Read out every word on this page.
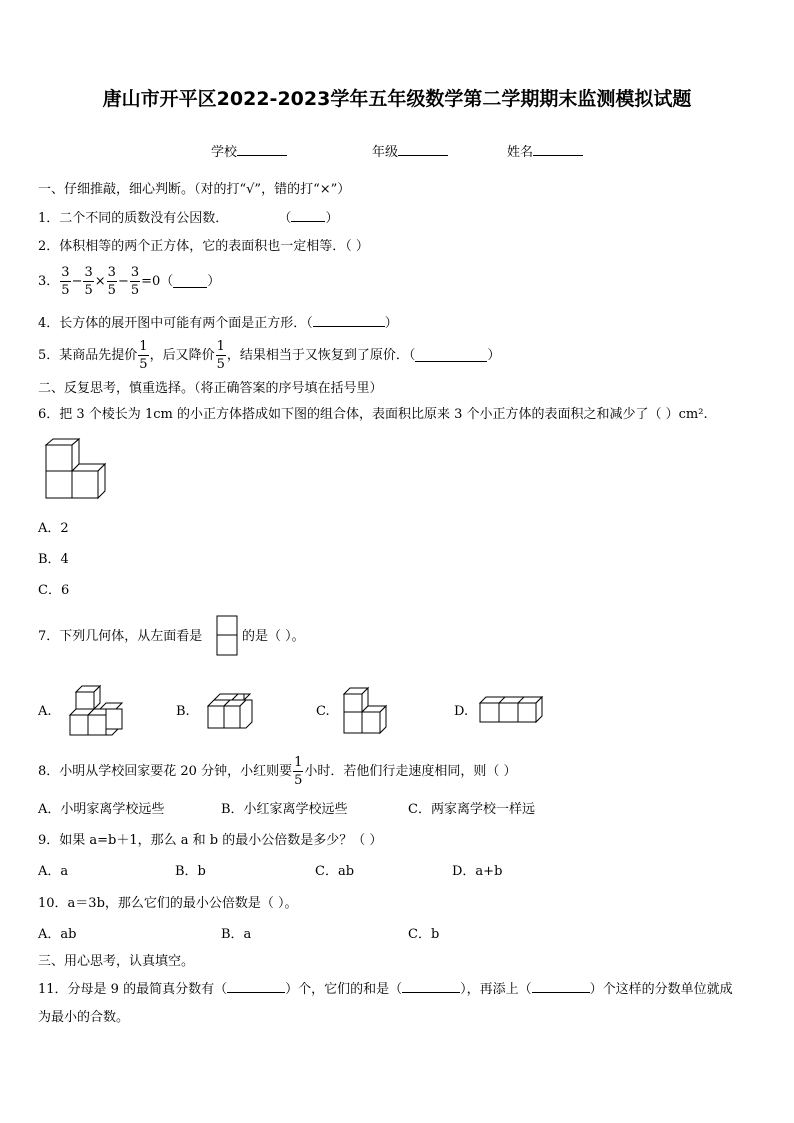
唐山市开平区2022-2023学年五年级数学第二学期期末监测模拟试题
学校	年级	姓名
一、仔细推敲，细心判断。（对的打“√”，错的打“×”）
1．二个不同的质数没有公因数．	（	）
2．体积相等的两个正方体，它的表面积也一定相等．（ ）
3． $\frac{3}{5} - \frac{3}{5} \times \frac{3}{5} - \frac{3}{5} =0$（	）
4．长方体的展开图中可能有两个面是正方形．（	）
5．某商品先提价 $\frac{1}{5}$ ，后又降价 $\frac{1}{5}$ ，结果相当于又恢复到了原价．（	）
二、反复思考，慎重选择。（将正确答案的序号填在括号里）
6．把 3 个棱长为 1cm 的小正方体搭成如下图的组合体，表面积比原来 3 个小正方体的表面积之和减少了（ ）cm².
A．2
B．4
C．6
7．下列几何体，从左面看是	的是（ ）。
A.	B.	C.	D.
8．小明从学校回家要花 20 分钟，小红则要 $\frac{1}{5}$ 小时．若他们行走速度相同，则（ ）
A．小明家离学校远些	B．小红家离学校远些	C．两家离学校一样远
9．如果 a=b＋1，那么 a 和 b 的最小公倍数是多少？（ ）
A．a	B．b	C．ab	D．a+b
10．a＝3b，那么它们的最小公倍数是（ ）。
A．ab	B．a	C．b
三、用心思考，认真填空。
11．分母是 9 的最简真分数有（	）个，它们的和是（	），再添上（	）个这样的分数单位就成
为最小的合数。
